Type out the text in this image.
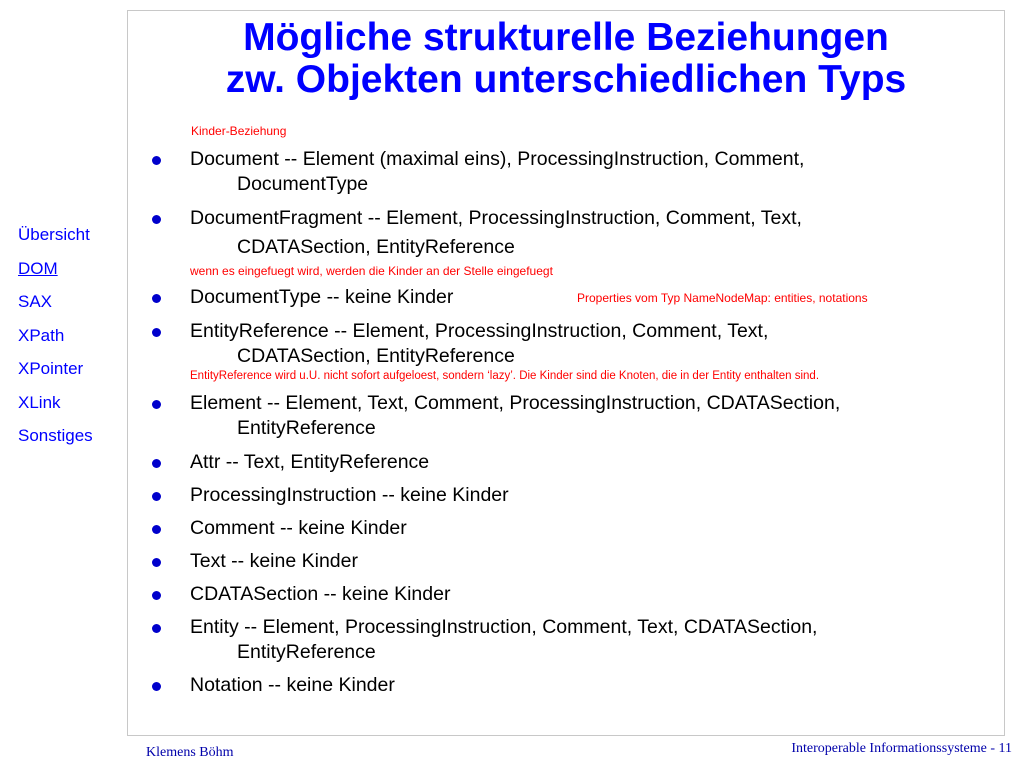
Übersicht
DOM
SAX
XPath
XPointer
XLink
Sonstiges
Mögliche strukturelle Beziehungen
zw. Objekten unterschiedlichen Typs
Kinder-Beziehung
Document -- Element (maximal eins), ProcessingInstruction, Comment,
DocumentType
DocumentFragment -- Element, ProcessingInstruction, Comment, Text,
CDATASection, EntityReference
wenn es eingefuegt wird, werden die Kinder an der Stelle eingefuegt
DocumentType -- keine Kinder	Properties vom Typ NameNodeMap: entities, notations
EntityReference -- Element, ProcessingInstruction, Comment, Text,
CDATASection, EntityReference
EntityReference wird u.U. nicht sofort aufgeloest, sondern ‘lazy’. Die Kinder sind die Knoten, die in der Entity enthalten sind.
Element -- Element, Text, Comment, ProcessingInstruction, CDATASection,
EntityReference
Attr -- Text, EntityReference
ProcessingInstruction -- keine Kinder
Comment -- keine Kinder
Text -- keine Kinder
CDATASection -- keine Kinder
Entity -- Element, ProcessingInstruction, Comment, Text, CDATASection,
EntityReference
Notation -- keine Kinder
Klemens Böhm	Interoperable Informationssysteme - 11
